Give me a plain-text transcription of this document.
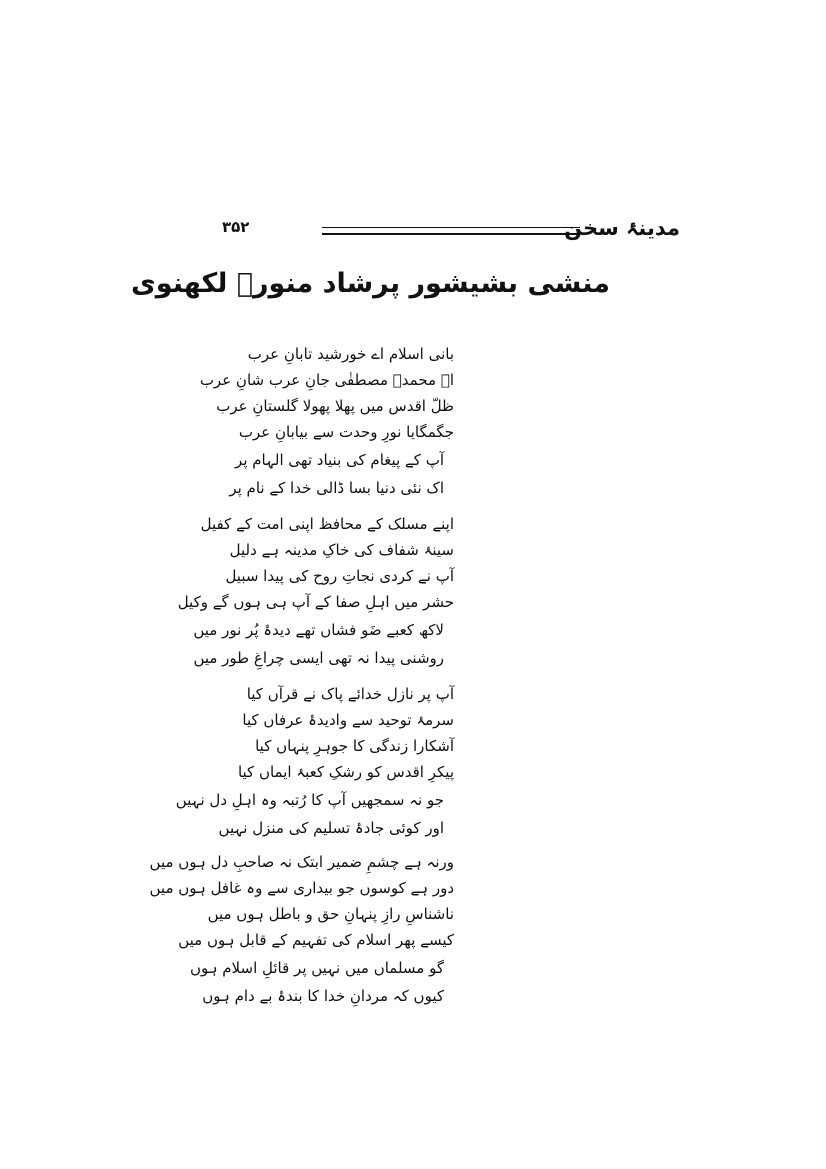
مدینۂ سخن
۳۵۲
منشی بشیشور پرشاد منورؔ لکھنوی
بانی اسلام اے خورشید تابانِ عرب
اے محمدؐ مصطفٰی جانِ عرب شانِ عرب
ظلّ اقدس میں پھلا پھولا گلستانِ عرب
جگمگایا نورِ وحدت سے بیابانِ عرب
آپ کے پیغام کی بنیاد تھی الہام پر
اک نئی دنیا بسا ڈالی خدا کے نام پر
اپنے مسلک کے محافظ اپنی امت کے کفیل
سینۂ شفاف کی خاکِ مدینہ ہے دلیل
آپ نے کردی نجاتِ روح کی پیدا سبیل
حشر میں اہلِ صفا کے آپ ہی ہوں گے وکیل
لاکھ کعبے ضَو فشاں تھے دیدۂ پُر نور میں
روشنی پیدا نہ تھی ایسی چراغِ طور میں
آپ پر نازل خدائے پاک نے قرآں کیا
سرمۂ توحید سے وادیدۂ عرفاں کیا
آشکارا زندگی کا جوہرِ پنہاں کیا
پیکرِ اقدس کو رشکِ کعبۂ ایماں کیا
جو نہ سمجھیں آپ کا رُتبہ وہ اہلِ دل نہیں
اور کوئی جادۂ تسلیم کی منزل نہیں
ورنہ ہے چشمِ ضمیر ابتک نہ صاحبِ دل ہوں میں
دور ہے کوسوں جو بیداری سے وہ غافل ہوں میں
ناشناسِ رازِ پنہانِ حق و باطل ہوں میں
کیسے پھر اسلام کی تفہیم کے قابل ہوں میں
گو مسلماں میں نہیں پر قائلِ اسلام ہوں
کیوں کہ مردانِ خدا کا بندۂ بے دام ہوں
